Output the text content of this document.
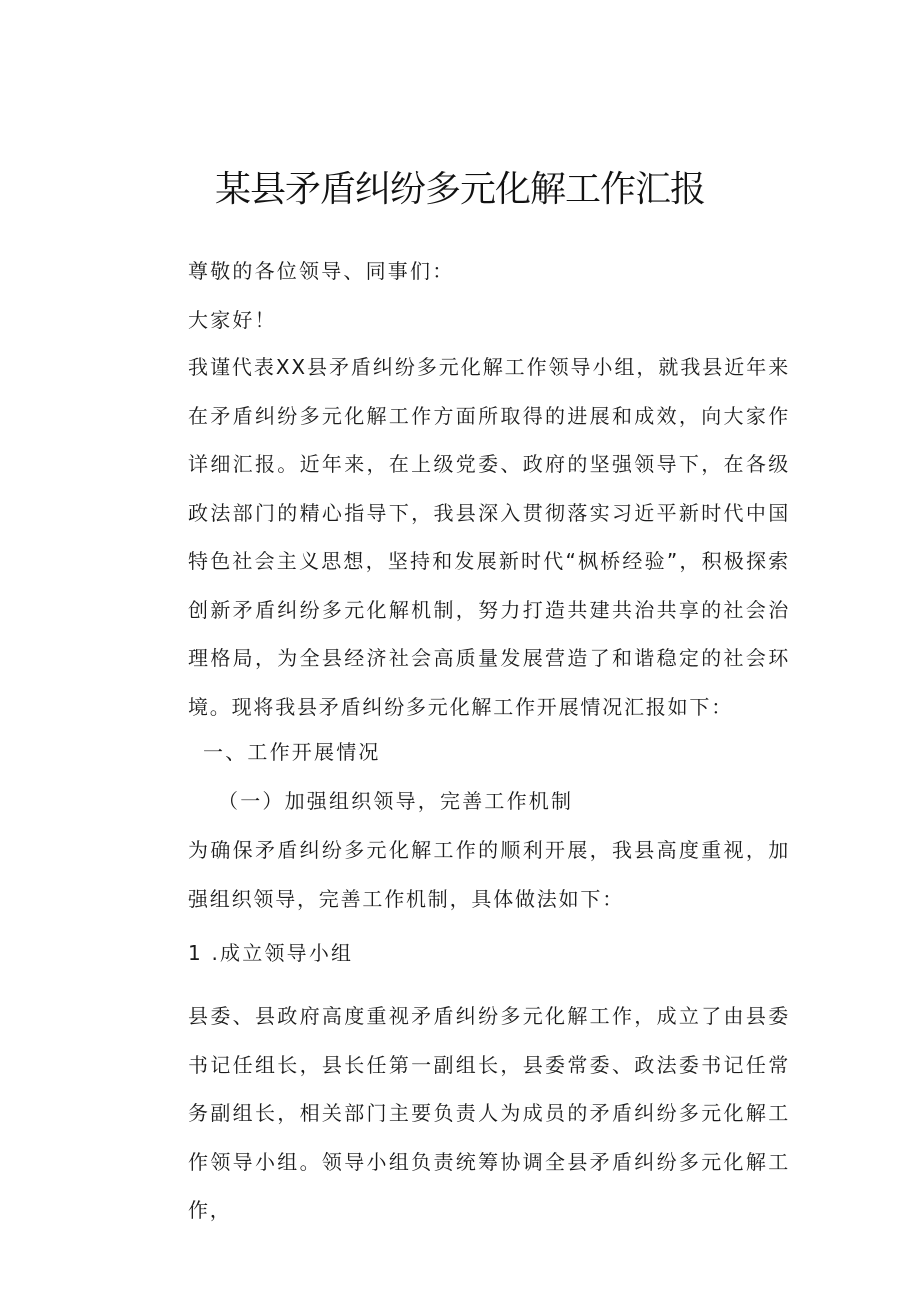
某县矛盾纠纷多元化解工作汇报
尊敬的各位领导、同事们：
大家好！
我谨代表XX县矛盾纠纷多元化解工作领导小组，就我县近年来在矛盾纠纷多元化解工作方面所取得的进展和成效，向大家作详细汇报。近年来，在上级党委、政府的坚强领导下，在各级政法部门的精心指导下，我县深入贯彻落实习近平新时代中国特色社会主义思想，坚持和发展新时代“枫桥经验”，积极探索创新矛盾纠纷多元化解机制，努力打造共建共治共享的社会治理格局，为全县经济社会高质量发展营造了和谐稳定的社会环境。现将我县矛盾纠纷多元化解工作开展情况汇报如下：
一、工作开展情况
（一）加强组织领导，完善工作机制
为确保矛盾纠纷多元化解工作的顺利开展，我县高度重视，加强组织领导，完善工作机制，具体做法如下：
1 .成立领导小组
县委、县政府高度重视矛盾纠纷多元化解工作，成立了由县委书记任组长，县长任第一副组长，县委常委、政法委书记任常务副组长，相关部门主要负责人为成员的矛盾纠纷多元化解工作领导小组。领导小组负责统筹协调全县矛盾纠纷多元化解工作，
